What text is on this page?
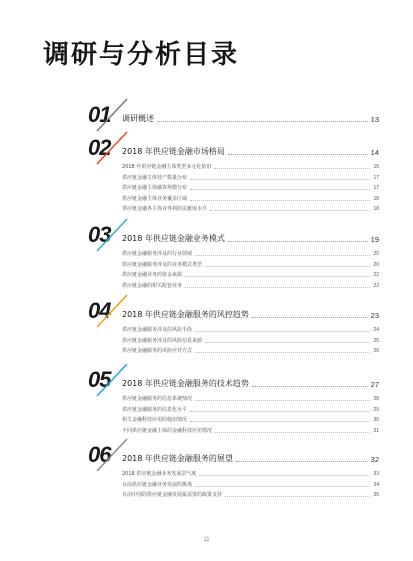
调研与分析目录
01 调研概述	13
02 2018 年供应链金融市场格局	14
2018 年供应链金融主体类型多元化依旧	15
供应链金融主体营产数量分布	17
供应链金融主体融资规模分布	17
供应链金融主体业务覆盖区域	18
供应链金融各主体业务利润贡献度水平	18
03 2018 年供应链金融业务模式	19
供应链金融服务涉及的行业领域	20
供应链金融服务涉及的业务模式类型	20
供应链金融业务的资金来源	22
供应链金融的相关配套业务	22
04 2018 年供应链金融服务的风控趋势	23
供应链金融服务涉及的风险手段	24
供应链金融服务涉及的风险信息来源	25
供应链金融服务的风险应对方式	26
05 2018 年供应链金融服务的技术趋势	27
供应链金融服务的信息系统情况	28
供应链金融服务的信息化水平	29
相关金融科技应用的使用情况	30
不同供应链金融主体的金融科技应用情况	31
06 2018 年供应链金融服务的展望	32
2018 供应链金融业务发展景气度	33
目前供应链金融业务发展的挑战	34
目前中国的供应链金融发展最需要的政策支持	35
11
